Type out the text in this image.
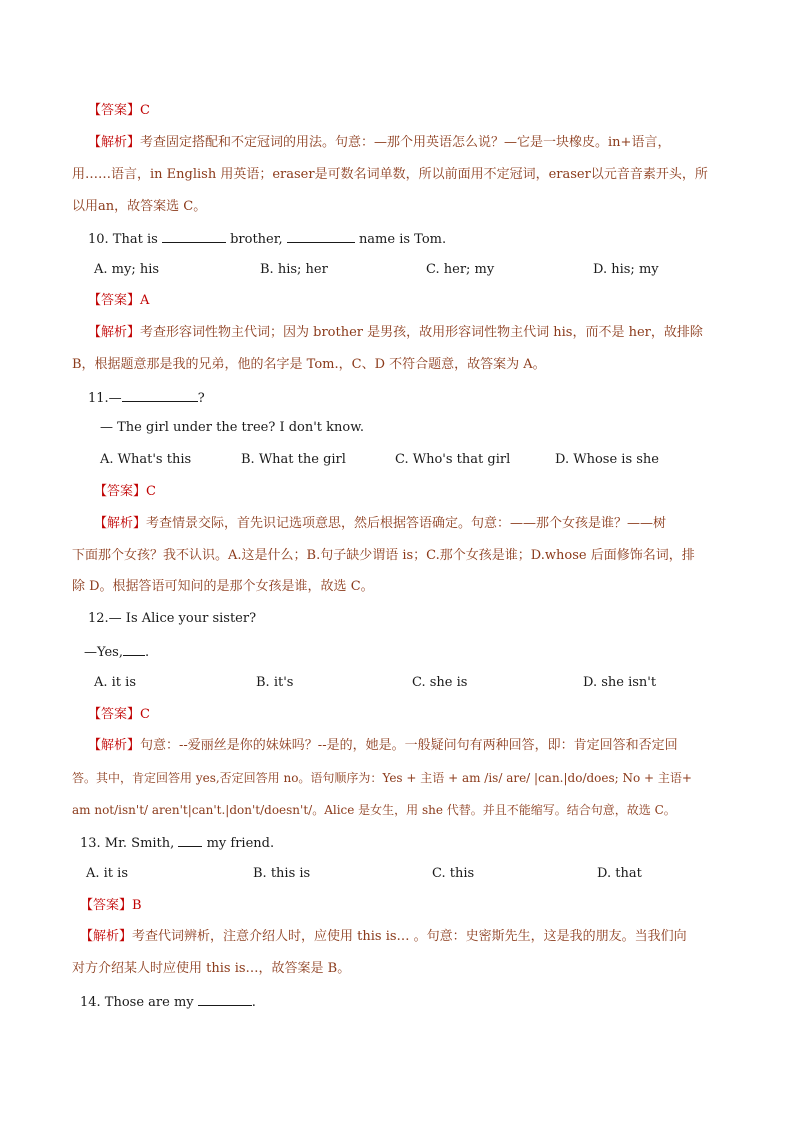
【答案】C
【解析】考查固定搭配和不定冠词的用法。句意：—那个用英语怎么说？—它是一块橡皮。in+语言，
用……语言，in English 用英语；eraser是可数名词单数，所以前面用不定冠词，eraser以元音音素开头，所
以用an，故答案选 C。
10. That is	brother,	name is Tom.
A. my; his	B. his; her	C. her; my	D. his; my
【答案】A
【解析】考查形容词性物主代词；因为 brother 是男孩，故用形容词性物主代词 his，而不是 her，故排除
B，根据题意那是我的兄弟，他的名字是 Tom.，C、D 不符合题意，故答案为 A。
11.—	?
— The girl under the tree? I don't know.
A. What's this	B. What the girl	C. Who's that girl	D. Whose is she
【答案】C
【解析】考查情景交际，首先识记选项意思，然后根据答语确定。句意：——那个女孩是谁？——树
下面那个女孩？我不认识。A.这是什么；B.句子缺少谓语 is；C.那个女孩是谁；D.whose 后面修饰名词，排
除 D。根据答语可知问的是那个女孩是谁，故选 C。
12.— Is Alice your sister?
—Yes, .
A. it is	B. it's	C. she is	D. she isn't
【答案】C
【解析】句意：--爱丽丝是你的妹妹吗？--是的，她是。一般疑问句有两种回答，即：肯定回答和否定回
答。其中，肯定回答用 yes,否定回答用 no。语句顺序为：Yes + 主语 + am /is/ are/ |can.|do/does; No + 主语+
am not/isn't/ aren't|can't.|don't/doesn't/。Alice 是女生，用 she 代替。并且不能缩写。结合句意，故选 C。
13. Mr. Smith, my friend.
A. it is	B. this is	C. this	D. that
【答案】B
【解析】考查代词辨析，注意介绍人时，应使用 this is… 。句意：史密斯先生，这是我的朋友。当我们向
对方介绍某人时应使用 this is…，故答案是 B。
14. Those are my	.
